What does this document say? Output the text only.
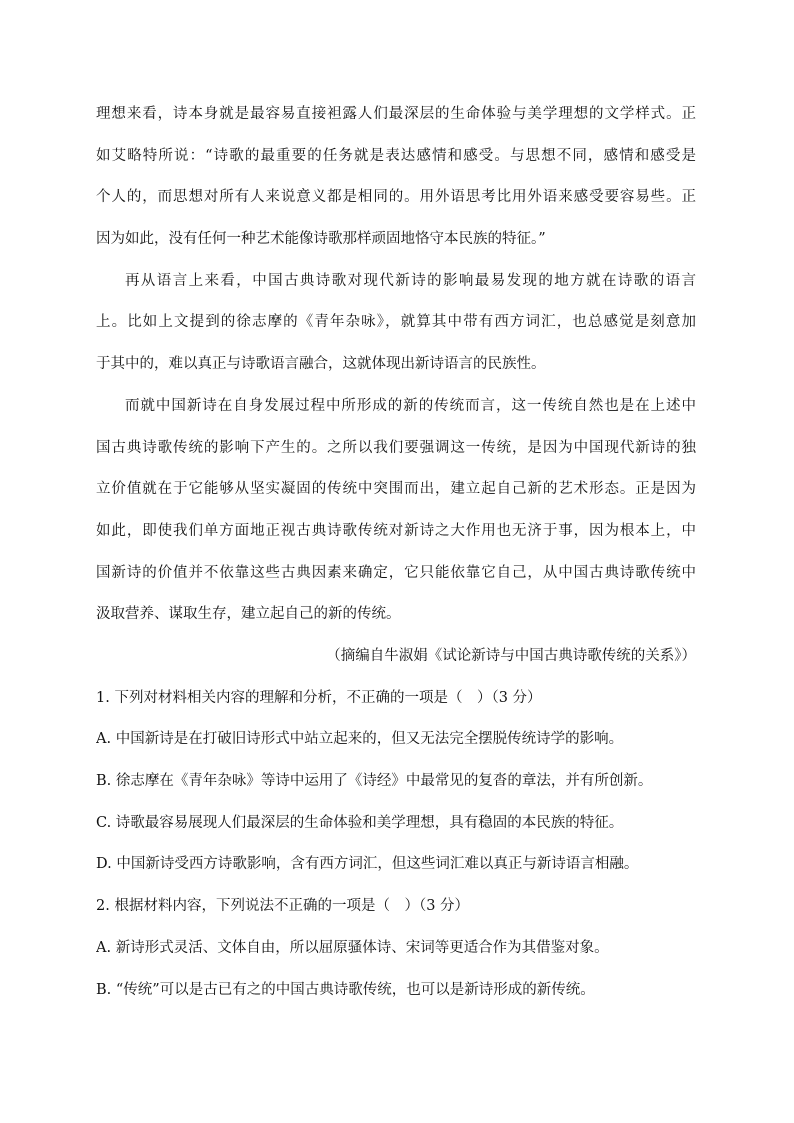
理想来看，诗本身就是最容易直接袒露人们最深层的生命体验与美学理想的文学样式。正
如艾略特所说：“诗歌的最重要的任务就是表达感情和感受。与思想不同，感情和感受是
个人的，而思想对所有人来说意义都是相同的。用外语思考比用外语来感受要容易些。正
因为如此，没有任何一种艺术能像诗歌那样顽固地恪守本民族的特征。”
再从语言上来看，中国古典诗歌对现代新诗的影响最易发现的地方就在诗歌的语言
上。比如上文提到的徐志摩的《青年杂咏》，就算其中带有西方词汇，也总感觉是刻意加
于其中的，难以真正与诗歌语言融合，这就体现出新诗语言的民族性。
而就中国新诗在自身发展过程中所形成的新的传统而言，这一传统自然也是在上述中
国古典诗歌传统的影响下产生的。之所以我们要强调这一传统，是因为中国现代新诗的独
立价值就在于它能够从坚实凝固的传统中突围而出，建立起自己新的艺术形态。正是因为
如此，即使我们单方面地正视古典诗歌传统对新诗之大作用也无济于事，因为根本上，中
国新诗的价值并不依靠这些古典因素来确定，它只能依靠它自己，从中国古典诗歌传统中
汲取营养、谋取生存，建立起自己的新的传统。
（摘编自牛淑娟《试论新诗与中国古典诗歌传统的关系》）
1. 下列对材料相关内容的理解和分析，不正确的一项是（　）（3 分）
A. 中国新诗是在打破旧诗形式中站立起来的，但又无法完全摆脱传统诗学的影响。
B. 徐志摩在《青年杂咏》等诗中运用了《诗经》中最常见的复沓的章法，并有所创新。
C. 诗歌最容易展现人们最深层的生命体验和美学理想，具有稳固的本民族的特征。
D. 中国新诗受西方诗歌影响，含有西方词汇，但这些词汇难以真正与新诗语言相融。
2. 根据材料内容，下列说法不正确的一项是（　）（3 分）
A. 新诗形式灵活、文体自由，所以屈原骚体诗、宋词等更适合作为其借鉴对象。
B. “传统”可以是古已有之的中国古典诗歌传统，也可以是新诗形成的新传统。
